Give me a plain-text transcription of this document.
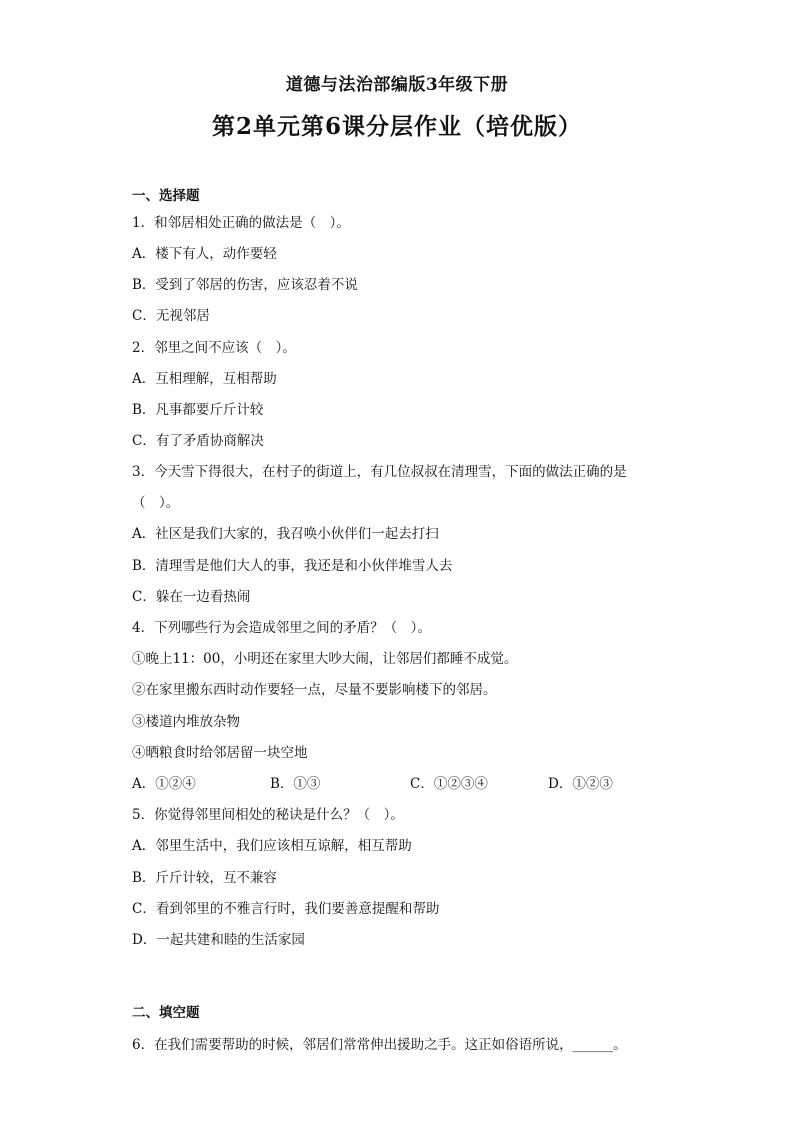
道德与法治部编版3年级下册
第2单元第6课分层作业（培优版）
一、选择题
1．和邻居相处正确的做法是（　）。
A．楼下有人，动作要轻
B．受到了邻居的伤害，应该忍着不说
C．无视邻居
2．邻里之间不应该（　）。
A．互相理解，互相帮助
B．凡事都要斤斤计较
C．有了矛盾协商解决
3．今天雪下得很大，在村子的街道上，有几位叔叔在清理雪，下面的做法正确的是
（　）。
A．社区是我们大家的，我召唤小伙伴们一起去打扫
B．清理雪是他们大人的事，我还是和小伙伴堆雪人去
C．躲在一边看热闹
4．下列哪些行为会造成邻里之间的矛盾？（　）。
①晚上11：00，小明还在家里大吵大闹，让邻居们都睡不成觉。
②在家里搬东西时动作要轻一点，尽量不要影响楼下的邻居。
③楼道内堆放杂物
④晒粮食时给邻居留一块空地
A．①②④	B．①③	C．①②③④	D．①②③
5．你觉得邻里间相处的秘诀是什么？（　）。
A．邻里生活中，我们应该相互谅解，相互帮助
B．斤斤计较，互不兼容
C．看到邻里的不雅言行时，我们要善意提醒和帮助
D．一起共建和睦的生活家园
二、填空题
6．在我们需要帮助的时候，邻居们常常伸出援助之手。这正如俗语所说，______。
